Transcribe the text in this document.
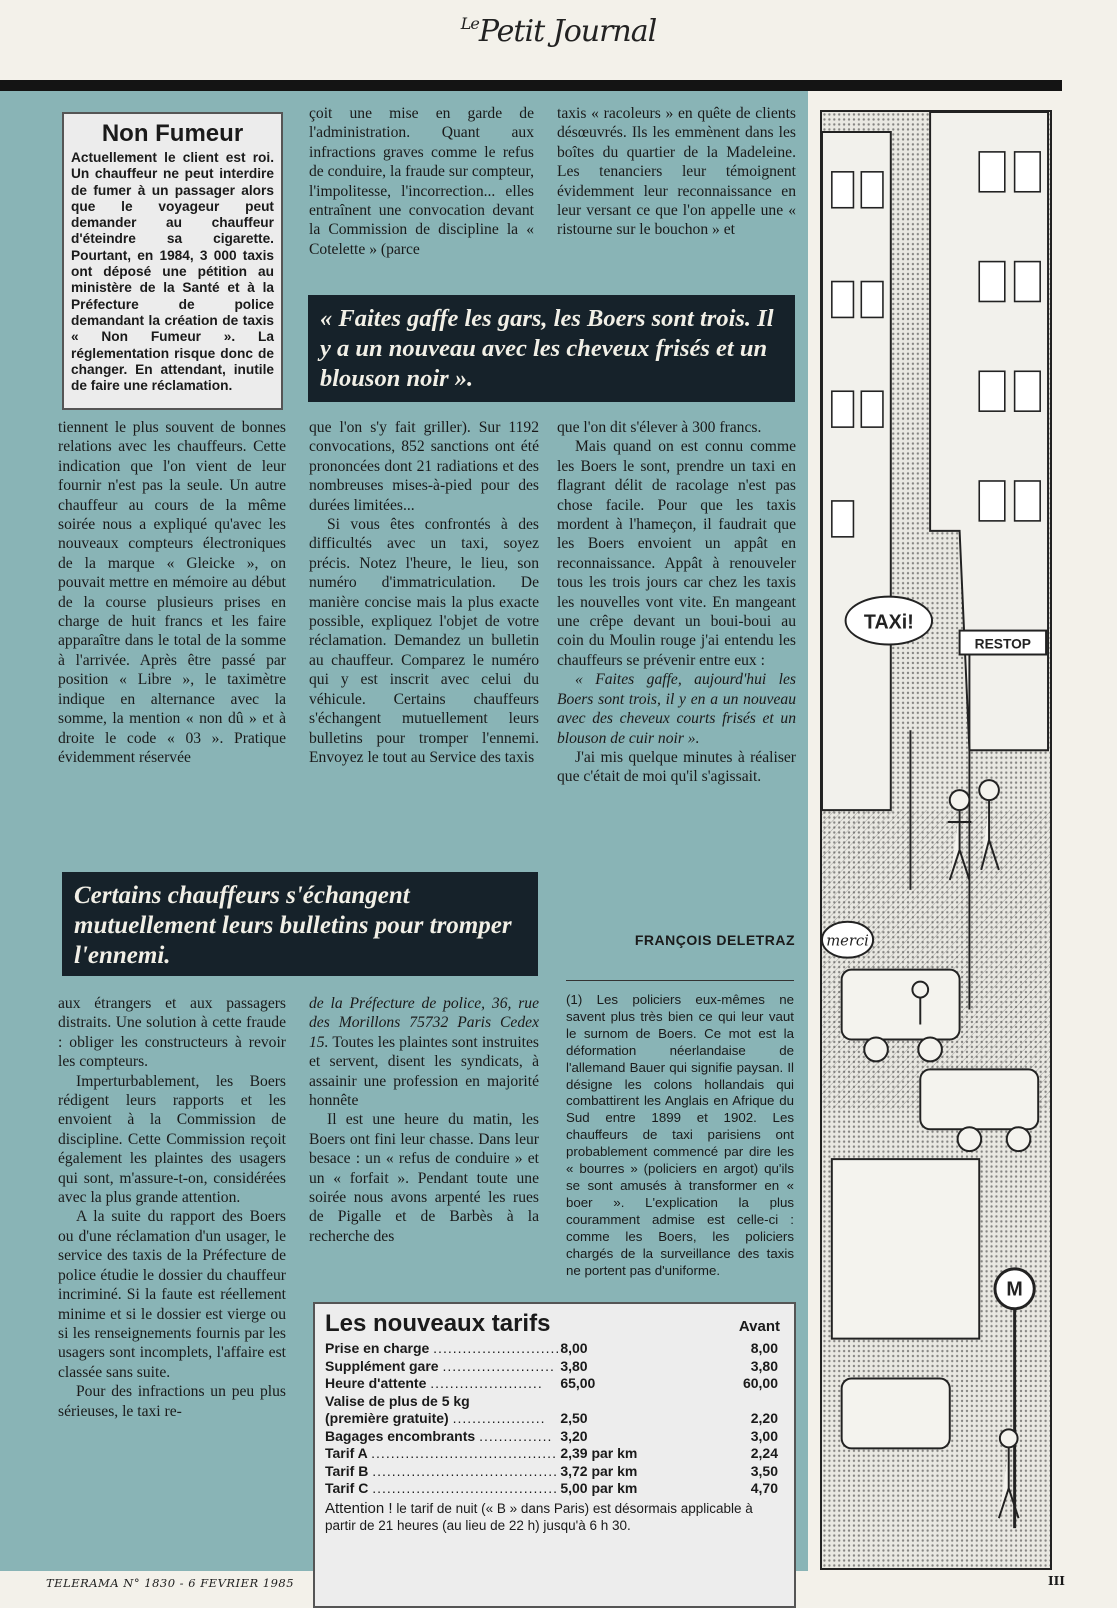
$^{Le}$Petit Journal
Non Fumeur
Actuellement le client est roi. Un chauffeur ne peut interdire de fumer à un passager alors que le voyageur peut demander au chauffeur d'éteindre sa cigarette. Pourtant, en 1984, 3 000 taxis ont déposé une pétition au ministère de la Santé et à la Préfecture de police demandant la création de taxis « Non Fumeur ». La réglementation risque donc de changer. En attendant, inutile de faire une réclamation.

çoit une mise en garde de l'administration. Quant aux infractions graves comme le refus de conduire, la fraude sur compteur, l'impolitesse, l'incorrection... elles entraînent une convocation devant la Commission de discipline la « Cotelette » (parce

taxis « racoleurs » en quête de clients désœuvrés. Ils les emmènent dans les boîtes du quartier de la Madeleine. Les tenanciers leur témoignent évidemment leur reconnaissance en leur versant ce que l'on appelle une « ristourne sur le bouchon » et

« Faites gaffe les gars, les Boers sont trois. Il y a un nouveau avec les cheveux frisés et un blouson noir ».

tiennent le plus souvent de bonnes relations avec les chauffeurs. Cette indication que l'on vient de leur fournir n'est pas la seule. Un autre chauffeur au cours de la même soirée nous a expliqué qu'avec les nouveaux compteurs électroniques de la marque « Gleicke », on pouvait mettre en mémoire au début de la course plusieurs prises en charge de huit francs et les faire apparaître dans le total de la somme à l'arrivée. Après être passé par position « Libre », le taximètre indique en alternance avec la somme, la mention « non dû » et à droite le code « 03 ». Pratique évidemment réservée

que l'on s'y fait griller). Sur 1192 convocations, 852 sanctions ont été prononcées dont 21 radiations et des nombreuses mises-à-pied pour des durées limitées...

Si vous êtes confrontés à des difficultés avec un taxi, soyez précis. Notez l'heure, le lieu, son numéro d'immatriculation. De manière concise mais la plus exacte possible, expliquez l'objet de votre réclamation. Demandez un bulletin au chauffeur. Comparez le numéro qui y est inscrit avec celui du véhicule. Certains chauffeurs s'échangent mutuellement leurs bulletins pour tromper l'ennemi. Envoyez le tout au Service des taxis

que l'on dit s'élever à 300 francs.

Mais quand on est connu comme les Boers le sont, prendre un taxi en flagrant délit de racolage n'est pas chose facile. Pour que les taxis mordent à l'hameçon, il faudrait que les Boers envoient un appât en reconnaissance. Appât à renouveler tous les trois jours car chez les taxis les nouvelles vont vite. En mangeant une crêpe devant un boui-boui au coin du Moulin rouge j'ai entendu les chauffeurs se prévenir entre eux :

« Faites gaffe, aujourd'hui les Boers sont trois, il y en a un nouveau avec des cheveux courts frisés et un blouson de cuir noir ».

J'ai mis quelque minutes à réaliser que c'était de moi qu'il s'agissait.

FRANÇOIS DELETRAZ
Certains chauffeurs s'échangent mutuellement leurs bulletins pour tromper l'ennemi.

aux étrangers et aux passagers distraits. Une solution à cette fraude : obliger les constructeurs à revoir les compteurs.

Imperturbablement, les Boers rédigent leurs rapports et les envoient à la Commission de discipline. Cette Commission reçoit également les plaintes des usagers qui sont, m'assure-t-on, considérées avec la plus grande attention.

A la suite du rapport des Boers ou d'une réclamation d'un usager, le service des taxis de la Préfecture de police étudie le dossier du chauffeur incriminé. Si la faute est réellement minime et si le dossier est vierge ou si les renseignements fournis par les usagers sont incomplets, l'affaire est classée sans suite.

Pour des infractions un peu plus sérieuses, le taxi re-

de la Préfecture de police, 36, rue des Morillons 75732 Paris Cedex 15. Toutes les plaintes sont instruites et servent, disent les syndicats, à assainir une profession en majorité honnête

Il est une heure du matin, les Boers ont fini leur chasse. Dans leur besace : un « refus de conduire » et un « forfait ». Pendant toute une soirée nous avons arpenté les rues de Pigalle et de Barbès à la recherche des

(1) Les policiers eux-mêmes ne savent plus très bien ce qui leur vaut le surnom de Boers. Ce mot est la déformation néerlandaise de l'allemand Bauer qui signifie paysan. Il désigne les colons hollandais qui combattirent les Anglais en Afrique du Sud entre 1899 et 1902. Les chauffeurs de taxi parisiens ont probablement commencé par dire les « bourres » (policiers en argot) qu'ils se sont amusés à transformer en « boer ». L'explication la plus couramment admise est celle-ci : comme les Boers, les policiers chargés de la surveillance des taxis ne portent pas d'uniforme.

Les nouveaux tarifs	Avant
Prise en charge ..........................	8,00	8,00
Supplément gare .......................	3,80	3,80
Heure d'attente .......................	65,00	60,00
Valise de plus de 5 kg		
(première gratuite) ...................	2,50	2,20
Bagages encombrants ...............	3,20	3,00
Tarif A ......................................	2,39 par km	2,24
Tarif B ......................................	3,72 par km	3,50
Tarif C ......................................	5,00 par km	4,70
Attention ! le tarif de nuit (« B » dans Paris) est désormais applicable à partir de 21 heures (au lieu de 22 h) jusqu'à 6 h 30.
TAXi!
RESTOP
merci
M
TELERAMA N° 1830 - 6 FEVRIER 1985	III
